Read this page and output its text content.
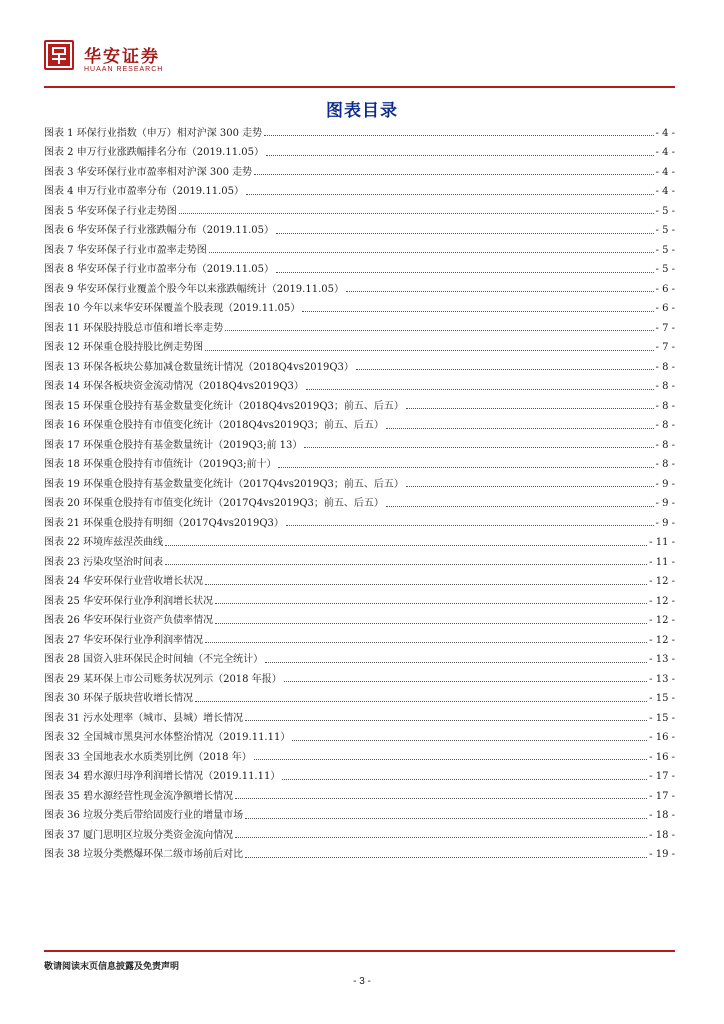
华安证券
HUAAN RESEARCH
图表目录
图表 1 环保行业指数（申万）相对沪深 300 走势	- 4 -
图表 2 申万行业涨跌幅排名分布（2019.11.05）	- 4 -
图表 3 华安环保行业市盈率相对沪深 300 走势	- 4 -
图表 4 申万行业市盈率分布（2019.11.05）	- 4 -
图表 5 华安环保子行业走势图	- 5 -
图表 6 华安环保子行业涨跌幅分布（2019.11.05）	- 5 -
图表 7 华安环保子行业市盈率走势图	- 5 -
图表 8 华安环保子行业市盈率分布（2019.11.05）	- 5 -
图表 9 华安环保行业覆盖个股今年以来涨跌幅统计（2019.11.05）	- 6 -
图表 10 今年以来华安环保覆盖个股表现（2019.11.05）	- 6 -
图表 11 环保股持股总市值和增长率走势	- 7 -
图表 12 环保重仓股持股比例走势图	- 7 -
图表 13 环保各板块公募加减仓数量统计情况（2018Q4vs2019Q3）	- 8 -
图表 14 环保各板块资金流动情况（2018Q4vs2019Q3）	- 8 -
图表 15 环保重仓股持有基金数量变化统计（2018Q4vs2019Q3；前五、后五）	- 8 -
图表 16 环保重仓股持有市值变化统计（2018Q4vs2019Q3；前五、后五）	- 8 -
图表 17 环保重仓股持有基金数量统计（2019Q3;前 13）	- 8 -
图表 18 环保重仓股持有市值统计（2019Q3;前十）	- 8 -
图表 19 环保重仓股持有基金数量变化统计（2017Q4vs2019Q3；前五、后五）	- 9 -
图表 20 环保重仓股持有市值变化统计（2017Q4vs2019Q3；前五、后五）	- 9 -
图表 21 环保重仓股持有明细（2017Q4vs2019Q3）	- 9 -
图表 22 环境库兹涅茨曲线	- 11 -
图表 23 污染攻坚治时间表	- 11 -
图表 24 华安环保行业营收增长状况	- 12 -
图表 25 华安环保行业净利润增长状况	- 12 -
图表 26 华安环保行业资产负债率情况	- 12 -
图表 27 华安环保行业净利润率情况	- 12 -
图表 28 国资入驻环保民企时间轴（不完全统计）	- 13 -
图表 29 某环保上市公司账务状况列示（2018 年报）	- 13 -
图表 30 环保子版块营收增长情况	- 15 -
图表 31 污水处理率（城市、县城）增长情况	- 15 -
图表 32 全国城市黑臭河水体整治情况（2019.11.11）	- 16 -
图表 33 全国地表水水质类别比例（2018 年）	- 16 -
图表 34 碧水源归母净利润增长情况（2019.11.11）	- 17 -
图表 35 碧水源经营性现金流净额增长情况	- 17 -
图表 36 垃圾分类后带给固废行业的增量市场	- 18 -
图表 37 厦门思明区垃圾分类资金流向情况	- 18 -
图表 38 垃圾分类燃爆环保二级市场前后对比	- 19 -
敬请阅读末页信息披露及免责声明
- 3 -
